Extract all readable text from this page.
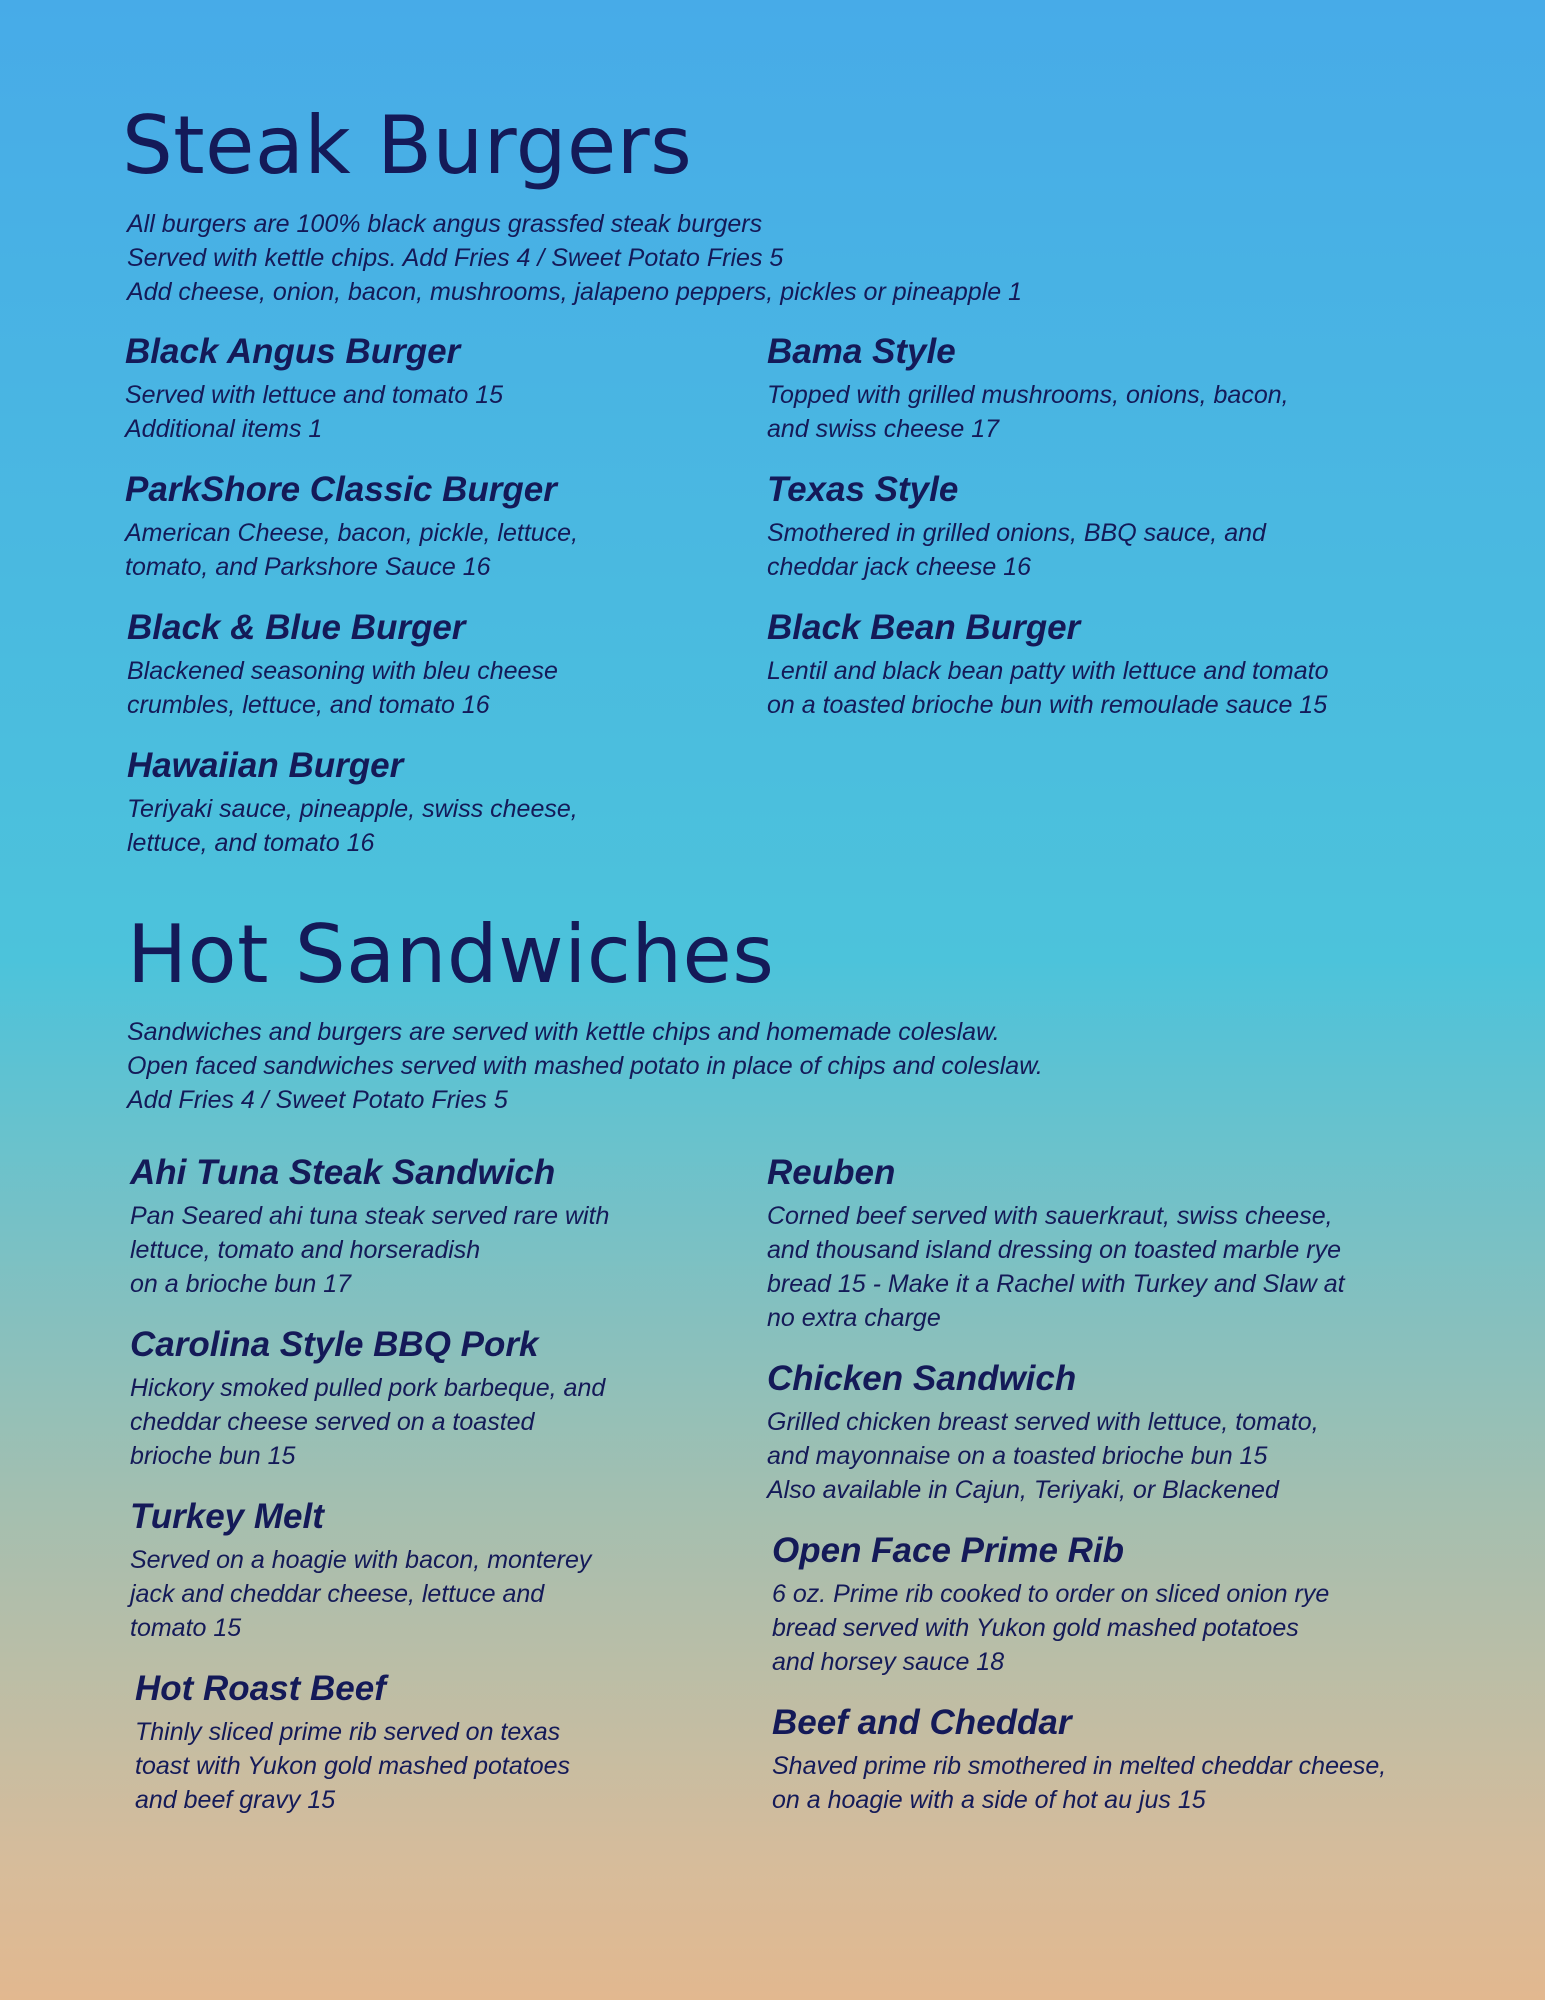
Steak Burgers

All burgers are 100% black angus grassfed steak burgers

Served with kettle chips. Add Fries 4 / Sweet Potato Fries 5

Add cheese, onion, bacon, mushrooms, jalapeno peppers, pickles or pineapple 1

Black Angus Burger

Served with lettuce and tomato 15

Additional items 1

ParkShore Classic Burger

American Cheese, bacon, pickle, lettuce,

tomato, and Parkshore Sauce 16

Black & Blue Burger

Blackened seasoning with bleu cheese

crumbles, lettuce, and tomato 16

Hawaiian Burger

Teriyaki sauce, pineapple, swiss cheese,

lettuce, and tomato 16

Bama Style

Topped with grilled mushrooms, onions, bacon,

and swiss cheese 17

Texas Style

Smothered in grilled onions, BBQ sauce, and

cheddar jack cheese 16

Black Bean Burger

Lentil and black bean patty with lettuce and tomato

on a toasted brioche bun with remoulade sauce 15

Hot Sandwiches

Sandwiches and burgers are served with kettle chips and homemade coleslaw.

Open faced sandwiches served with mashed potato in place of chips and coleslaw.

Add Fries 4 / Sweet Potato Fries 5

Ahi Tuna Steak Sandwich

Pan Seared ahi tuna steak served rare with

lettuce, tomato and horseradish

on a brioche bun 17

Carolina Style BBQ Pork

Hickory smoked pulled pork barbeque, and

cheddar cheese served on a toasted

brioche bun 15

Turkey Melt

Served on a hoagie with bacon, monterey

jack and cheddar cheese, lettuce and

tomato 15

Hot Roast Beef

Thinly sliced prime rib served on texas

toast with Yukon gold mashed potatoes

and beef gravy 15

Reuben

Corned beef served with sauerkraut, swiss cheese,

and thousand island dressing on toasted marble rye

bread 15 - Make it a Rachel with Turkey and Slaw at

no extra charge

Chicken Sandwich

Grilled chicken breast served with lettuce, tomato,

and mayonnaise on a toasted brioche bun 15

Also available in Cajun, Teriyaki, or Blackened

Open Face Prime Rib

6 oz. Prime rib cooked to order on sliced onion rye

bread served with Yukon gold mashed potatoes

and horsey sauce 18

Beef and Cheddar

Shaved prime rib smothered in melted cheddar cheese,

on a hoagie with a side of hot au jus 15
